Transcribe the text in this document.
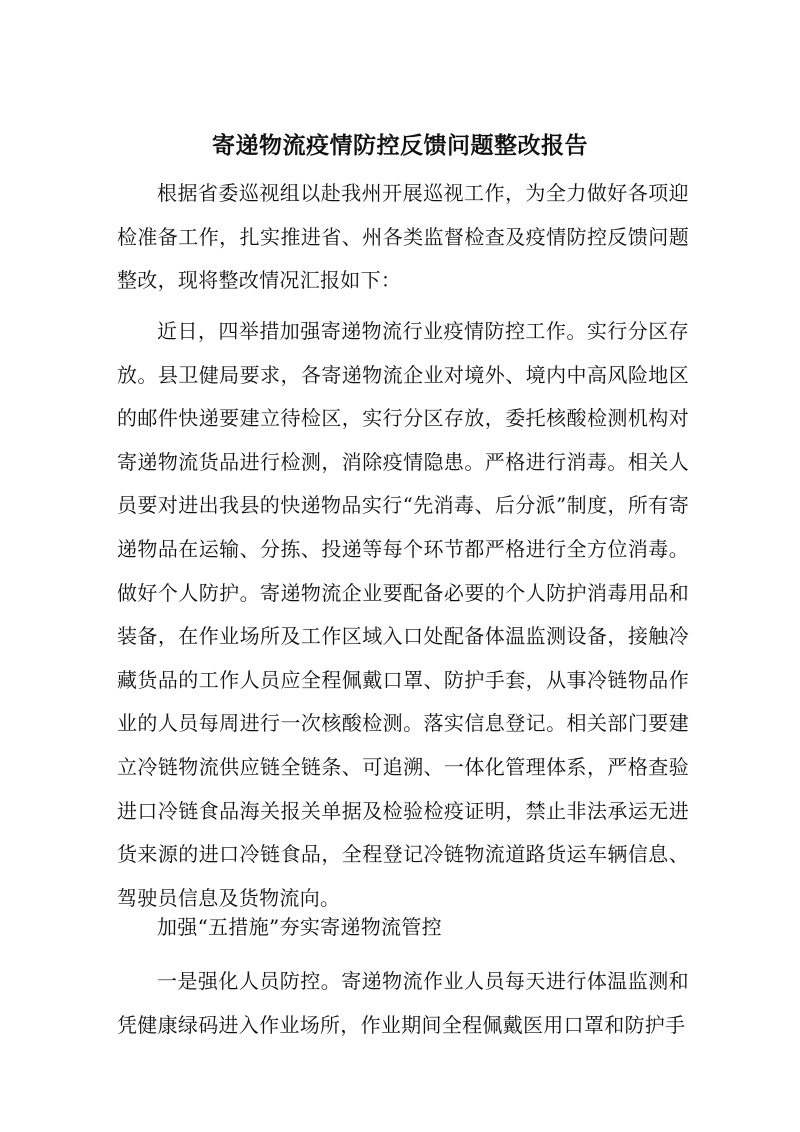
寄递物流疫情防控反馈问题整改报告

根据省委巡视组以赴我州开展巡视工作，为全力做好各项迎检准备工作，扎实推进省、州各类监督检查及疫情防控反馈问题整改，现将整改情况汇报如下：

近日，四举措加强寄递物流行业疫情防控工作。实行分区存放。县卫健局要求，各寄递物流企业对境外、境内中高风险地区的邮件快递要建立待检区，实行分区存放，委托核酸检测机构对寄递物流货品进行检测，消除疫情隐患。严格进行消毒。相关人员要对进出我县的快递物品实行“先消毒、后分派”制度，所有寄递物品在运输、分拣、投递等每个环节都严格进行全方位消毒。做好个人防护。寄递物流企业要配备必要的个人防护消毒用品和装备，在作业场所及工作区域入口处配备体温监测设备，接触冷藏货品的工作人员应全程佩戴口罩、防护手套，从事冷链物品作业的人员每周进行一次核酸检测。落实信息登记。相关部门要建立冷链物流供应链全链条、可追溯、一体化管理体系，严格查验进口冷链食品海关报关单据及检验检疫证明，禁止非法承运无进货来源的进口冷链食品，全程登记冷链物流道路货运车辆信息、驾驶员信息及货物流向。

加强“五措施”夯实寄递物流管控

一是强化人员防控。寄递物流作业人员每天进行体温监测和凭健康绿码进入作业场所，作业期间全程佩戴医用口罩和防护手
